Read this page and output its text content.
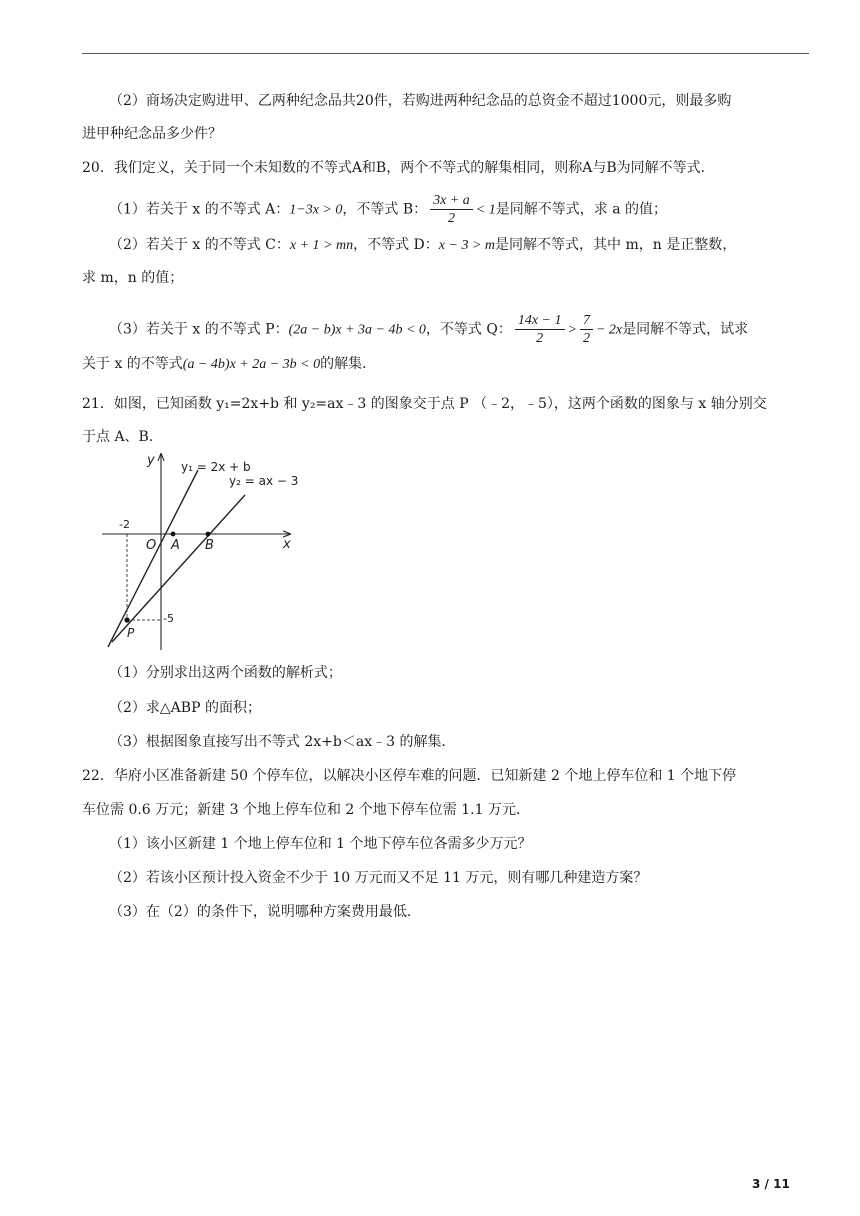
（2）商场决定购进甲、乙两种纪念品共20件，若购进两种纪念品的总资金不超过1000元，则最多购
进甲种纪念品多少件？
20．我们定义，关于同一个未知数的不等式A和B，两个不等式的解集相同，则称A与B为同解不等式．
（1）若关于 x 的不等式 A：1−3x > 0，不等式 B： $\frac{3x + a}{2} < 1$是同解不等式，求 a 的值；
（2）若关于 x 的不等式 C：x + 1 > mn，不等式 D：x − 3 > m是同解不等式，其中 m，n 是正整数，
求 m，n 的值；
（3）若关于 x 的不等式 P：(2a − b)x + 3a − 4b < 0，不等式 Q： $\frac{14x - 1}{2} > \frac{7}{2} - 2x$是同解不等式，试求
关于 x 的不等式(a − 4b)x + 2a − 3b < 0的解集．
21．如图，已知函数 y₁=2x+b 和 y₂=ax﹣3 的图象交于点 P （﹣2，﹣5），这两个函数的图象与 x 轴分别交
于点 A、B．
（1）分别求出这两个函数的解析式；
（2）求△ABP 的面积；
（3）根据图象直接写出不等式 2x+b＜ax﹣3 的解集．
22．华府小区准备新建 50 个停车位，以解决小区停车难的问题．已知新建 2 个地上停车位和 1 个地下停
车位需 0.6 万元；新建 3 个地上停车位和 2 个地下停车位需 1.1 万元．
（1）该小区新建 1 个地上停车位和 1 个地下停车位各需多少万元？
（2）若该小区预计投入资金不少于 10 万元而又不足 11 万元，则有哪几种建造方案？
（3）在（2）的条件下，说明哪种方案费用最低．
y
x
O A B
P
-2
-5
y₁ = 2x + b
y₂ = ax − 3
3 / 11
